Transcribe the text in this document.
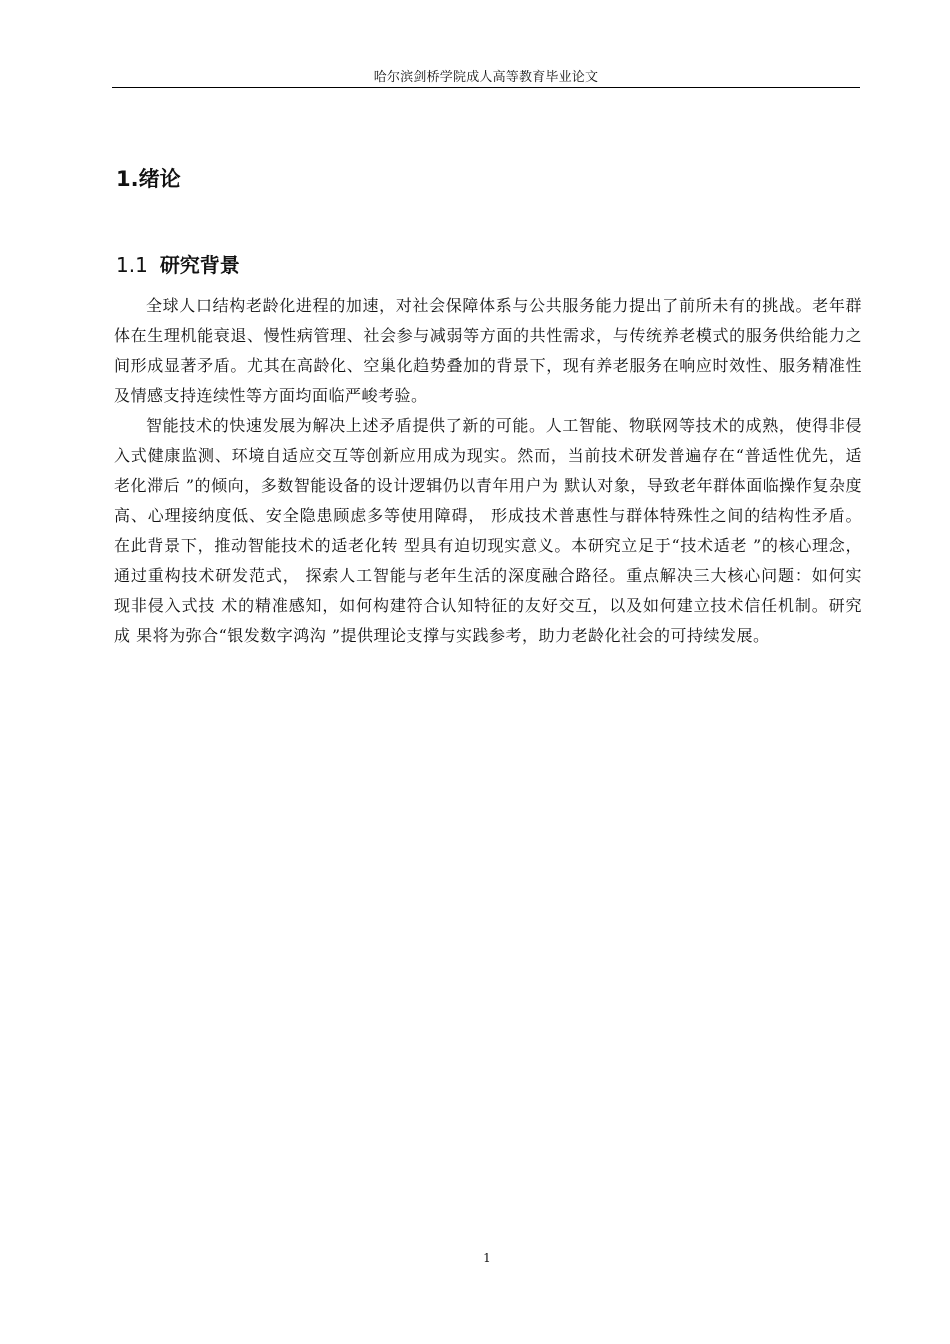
哈尔滨剑桥学院成人高等教育毕业论文
1.绪论
1.1 研究背景

全球人口结构老龄化进程的加速，对社会保障体系与公共服务能力提出了前所未有的挑战。老年群体在生理机能衰退、慢性病管理、社会参与减弱等方面的共性需求，与传统养老模式的服务供给能力之间形成显著矛盾。尤其在高龄化、空巢化趋势叠加的背景下，现有养老服务在响应时效性、服务精准性及情感支持连续性等方面均面临严峻考验。

智能技术的快速发展为解决上述矛盾提供了新的可能。人工智能、物联网等技术的成熟，使得非侵入式健康监测、环境自适应交互等创新应用成为现实。然而，当前技术研发普遍存在“普适性优先，适老化滞后 ”的倾向，多数智能设备的设计逻辑仍以青年用户为 默认对象，导致老年群体面临操作复杂度高、心理接纳度低、安全隐患顾虑多等使用障碍， 形成技术普惠性与群体特殊性之间的结构性矛盾。在此背景下，推动智能技术的适老化转 型具有迫切现实意义。本研究立足于“技术适老 ”的核心理念，通过重构技术研发范式， 探索人工智能与老年生活的深度融合路径。重点解决三大核心问题：如何实现非侵入式技 术的精准感知，如何构建符合认知特征的友好交互，以及如何建立技术信任机制。研究成 果将为弥合“银发数字鸿沟 ”提供理论支撑与实践参考，助力老龄化社会的可持续发展。

1
